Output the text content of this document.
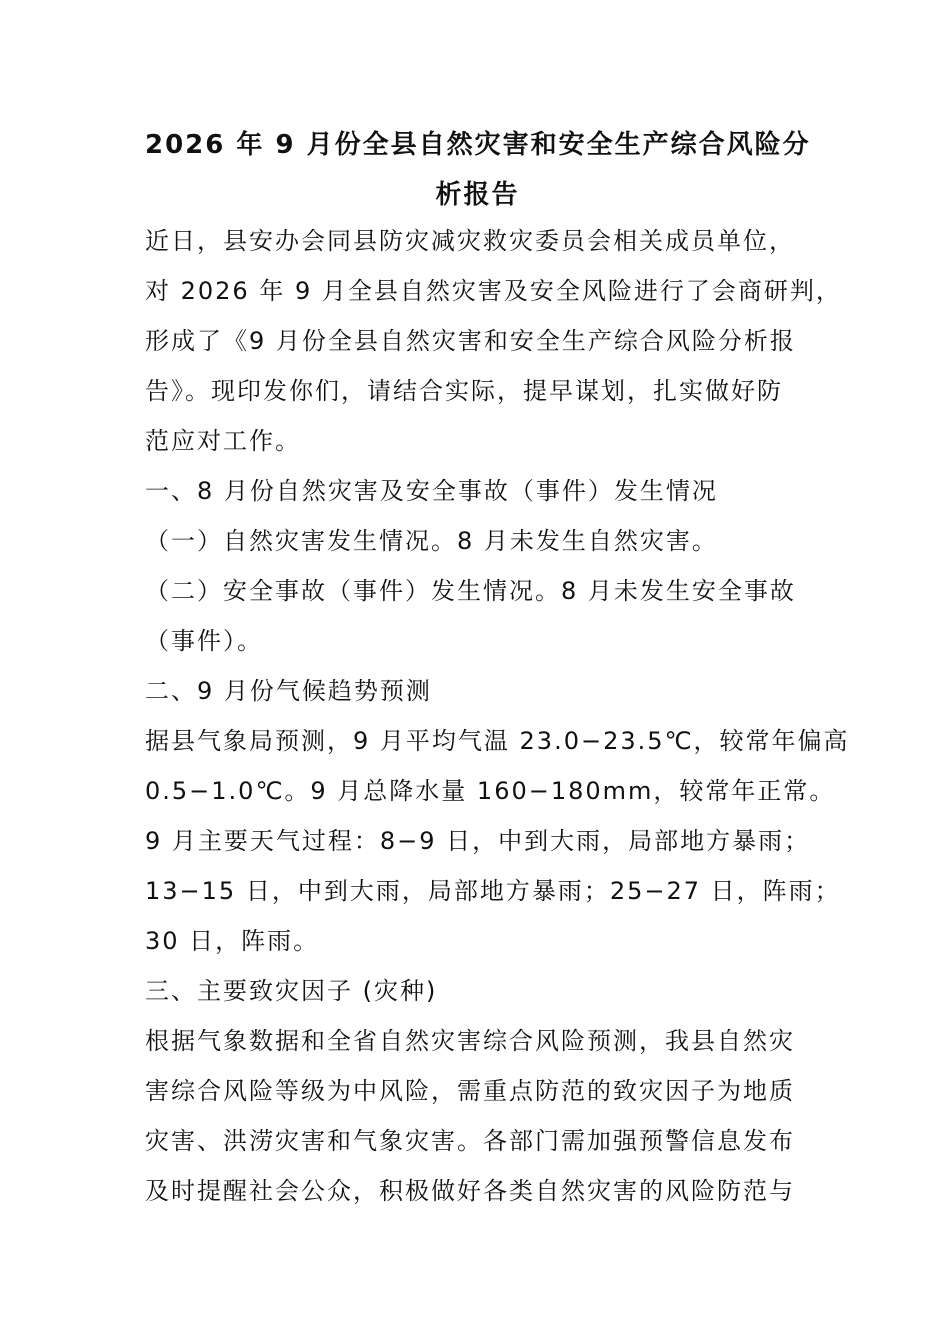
2026 年 9 月份全县自然灾害和安全生产综合风险分
析报告

近日，县安办会同县防灾减灾救灾委员会相关成员单位，

对 2026 年 9 月全县自然灾害及安全风险进行了会商研判，

形成了《9 月份全县自然灾害和安全生产综合风险分析报

告》。现印发你们，请结合实际，提早谋划，扎实做好防

范应对工作。

一、8 月份自然灾害及安全事故（事件）发生情况

（一）自然灾害发生情况。8 月未发生自然灾害。

（二）安全事故（事件）发生情况。8 月未发生安全事故

（事件）。

二、9 月份气候趋势预测

据县气象局预测，9 月平均气温 23.0−23.5℃，较常年偏高

0.5−1.0℃。9 月总降水量 160−180mm，较常年正常。

9 月主要天气过程：8−9 日，中到大雨，局部地方暴雨；

13−15 日，中到大雨，局部地方暴雨；25−27 日，阵雨；

30 日，阵雨。

三、主要致灾因子 (灾种)

根据气象数据和全省自然灾害综合风险预测，我县自然灾

害综合风险等级为中风险，需重点防范的致灾因子为地质

灾害、洪涝灾害和气象灾害。各部门需加强预警信息发布

及时提醒社会公众，积极做好各类自然灾害的风险防范与
